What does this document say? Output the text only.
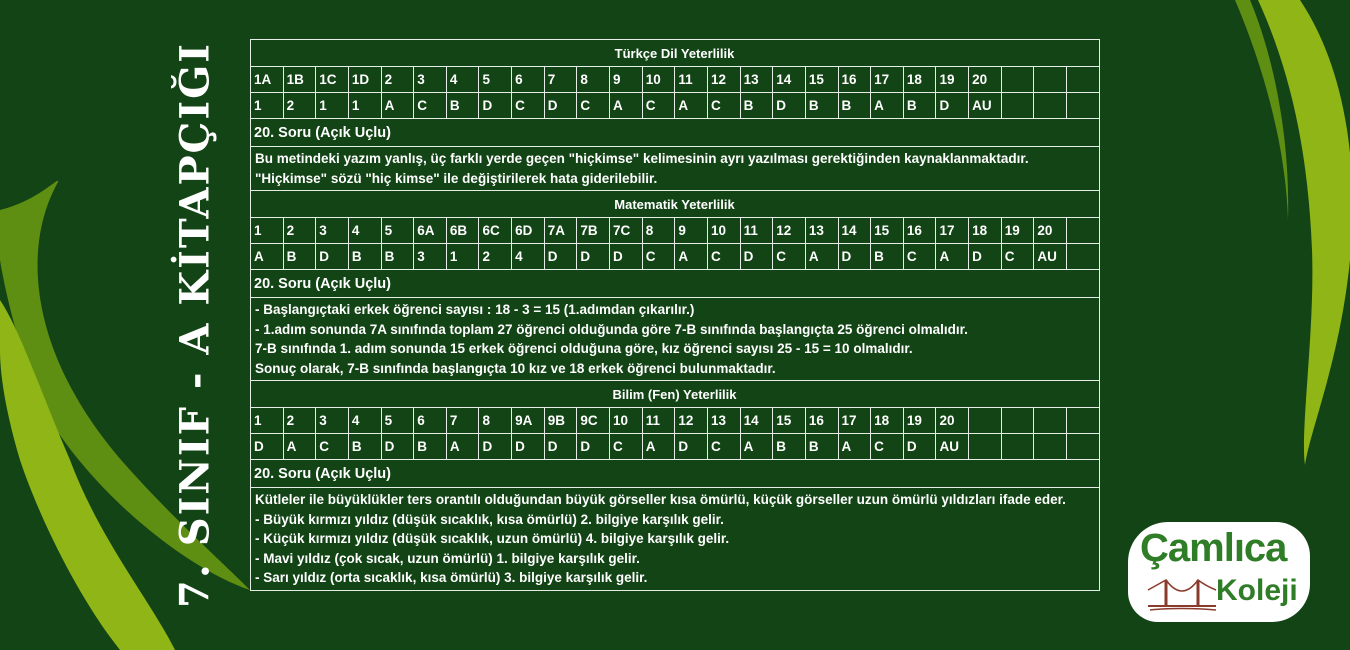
7. SINIF - A KİTAPÇIĞI	Türkçe Dil Yeterlilik																									
1A	1B	1C	1D	2	3	4	5	6	7	8	9	10	11	12	13	14	15	16	17	18	19	20			
1	2	1	1	A	C	B	D	C	D	C	A	C	A	C	B	D	B	B	A	B	D	AU			
20. Soru (Açık Uçlu)																									

Bu metindeki yazım yanlış, üç farklı yerde geçen "hiçkimse" kelimesinin ayrı yazılması gerektiğinden kaynaklanmaktadır.
"Hiçkimse" sözü "hiç kimse" ile değiştirilerek hata giderilebilir.																									

Matematik Yeterlilik																									
1	2	3	4	5	6A	6B	6C	6D	7A	7B	7C	8	9	10	11	12	13	14	15	16	17	18	19	20	
A	B	D	B	B	3	1	2	4	D	D	D	C	A	C	D	C	A	D	B	C	A	D	C	AU	
20. Soru (Açık Uçlu)																									

- Başlangıçtaki erkek öğrenci sayısı : 18 - 3 = 15 (1.adımdan çıkarılır.)
- 1.adım sonunda 7A sınıfında toplam 27 öğrenci olduğunda göre 7-B sınıfında başlangıçta 25 öğrenci olmalıdır.
7-B sınıfında 1. adım sonunda 15 erkek öğrenci olduğuna göre, kız öğrenci sayısı 25 - 15 = 10 olmalıdır.
Sonuç olarak, 7-B sınıfında başlangıçta 10 kız ve 18 erkek öğrenci bulunmaktadır.																									

Bilim (Fen) Yeterlilik																									
1	2	3	4	5	6	7	8	9A	9B	9C	10	11	12	13	14	15	16	17	18	19	20				
D	A	C	B	D	B	A	D	D	D	D	C	A	D	C	A	B	B	A	C	D	AU				
20. Soru (Açık Uçlu)																									

Kütleler ile büyüklükler ters orantılı olduğundan büyük görseller kısa ömürlü, küçük görseller uzun ömürlü yıldızları ifade eder.
- Büyük kırmızı yıldız (düşük sıcaklık, kısa ömürlü) 2. bilgiye karşılık gelir.
- Küçük kırmızı yıldız (düşük sıcaklık, uzun ömürlü) 4. bilgiye karşılık gelir.
- Mavi yıldız (çok sıcak, uzun ömürlü) 1. bilgiye karşılık gelir.
- Sarı yıldız (orta sıcaklık, kısa ömürlü) 3. bilgiye karşılık gelir.																									
Çamlıca
Koleji
